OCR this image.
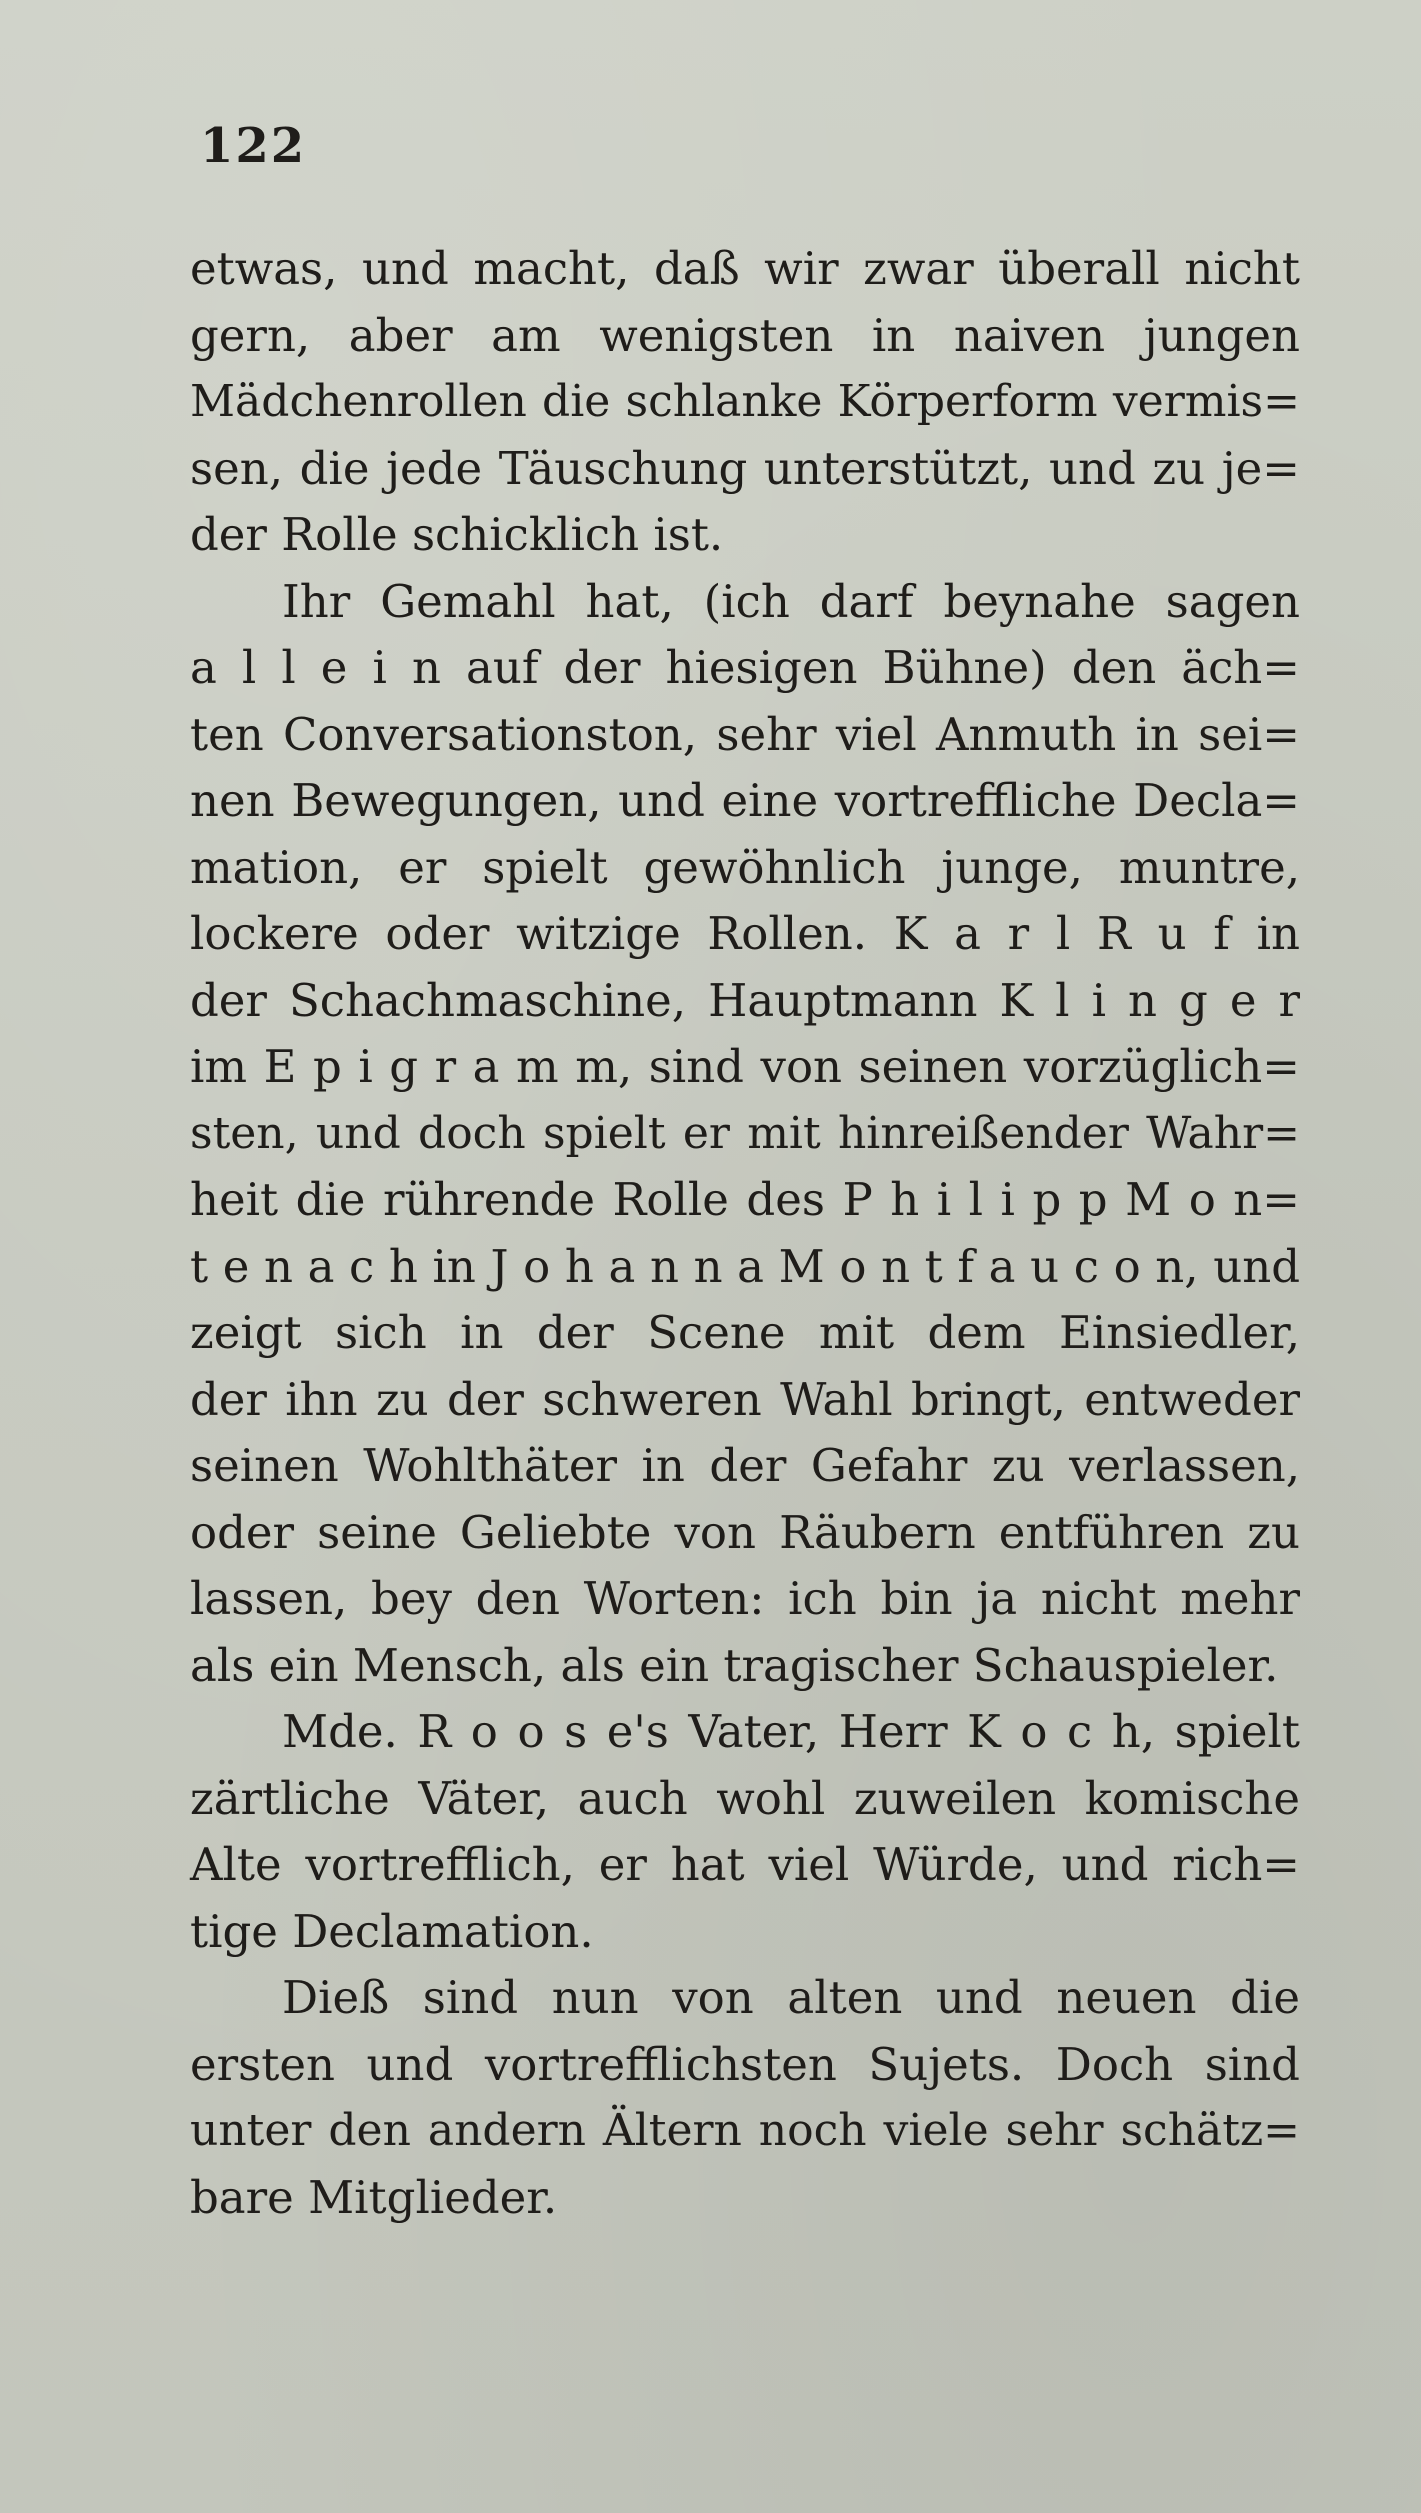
122
etwas, und macht, daß wir zwar überall nicht
gern, aber am wenigsten in naiven jungen
Mädchenrollen die schlanke Körperform vermis=
sen, die jede Täuschung unterstützt, und zu je=
der Rolle schicklich ist.
Ihr Gemahl hat, (ich darf beynahe sagen
a l l e i n auf der hiesigen Bühne) den äch=
ten Conversationston, sehr viel Anmuth in sei=
nen Bewegungen, und eine vortreffliche Decla=
mation, er spielt gewöhnlich junge, muntre,
lockere oder witzige Rollen. K a r l R u f in
der Schachmaschine, Hauptmann K l i n g e r
im E p i g r a m m, sind von seinen vorzüglich=
sten, und doch spielt er mit hinreißender Wahr=
heit die rührende Rolle des P h i l i p p M o n=
t e n a c h in J o h a n n a M o n t f a u c o n, und
zeigt sich in der Scene mit dem Einsiedler,
der ihn zu der schweren Wahl bringt, entweder
seinen Wohlthäter in der Gefahr zu verlassen,
oder seine Geliebte von Räubern entführen zu
lassen, bey den Worten: ich bin ja nicht mehr
als ein Mensch, als ein tragischer Schauspieler.
Mde. R o o s e's Vater, Herr K o c h, spielt
zärtliche Väter, auch wohl zuweilen komische
Alte vortrefflich, er hat viel Würde, und rich=
tige Declamation.
Dieß sind nun von alten und neuen die
ersten und vortrefflichsten Sujets. Doch sind
unter den andern Ältern noch viele sehr schätz=
bare Mitglieder.
